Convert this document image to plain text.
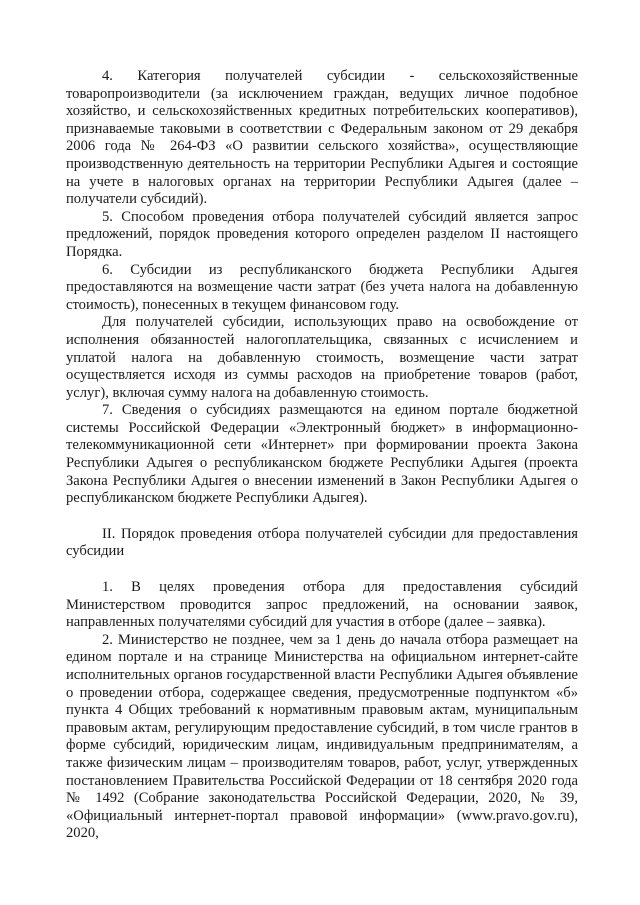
4. Категория получателей субсидии - сельскохозяйственные товаропроизводители (за исключением граждан, ведущих личное подобное хозяйство, и сельскохозяйственных кредитных потребительских кооперативов), признаваемые таковыми в соответствии с Федеральным законом от 29 декабря 2006 года № 264-ФЗ «О развитии сельского хозяйства», осуществляющие производственную деятельность на территории Республики Адыгея и состоящие на учете в налоговых органах на территории Республики Адыгея (далее – получатели субсидий).

5. Способом проведения отбора получателей субсидий является запрос предложений, порядок проведения которого определен разделом II настоящего Порядка.

6. Субсидии из республиканского бюджета Республики Адыгея предоставляются на возмещение части затрат (без учета налога на добавленную стоимость), понесенных в текущем финансовом году.

Для получателей субсидии, использующих право на освобождение от исполнения обязанностей налогоплательщика, связанных с исчислением и уплатой налога на добавленную стоимость, возмещение части затрат осуществляется исходя из суммы расходов на приобретение товаров (работ, услуг), включая сумму налога на добавленную стоимость.

7. Сведения о субсидиях размещаются на едином портале бюджетной системы Российской Федерации «Электронный бюджет» в информационно-телекоммуникационной сети «Интернет» при формировании проекта Закона Республики Адыгея о республиканском бюджете Республики Адыгея (проекта Закона Республики Адыгея о внесении изменений в Закон Республики Адыгея о республиканском бюджете Республики Адыгея).

II. Порядок проведения отбора получателей субсидии для предоставления субсидии

1. В целях проведения отбора для предоставления субсидий Министерством проводится запрос предложений, на основании заявок, направленных получателями субсидий для участия в отборе (далее – заявка).

2. Министерство не позднее, чем за 1 день до начала отбора размещает на едином портале и на странице Министерства на официальном интернет-сайте исполнительных органов государственной власти Республики Адыгея объявление о проведении отбора, содержащее сведения, предусмотренные подпунктом «б» пункта 4 Общих требований к нормативным правовым актам, муниципальным правовым актам, регулирующим предоставление субсидий, в том числе грантов в форме субсидий, юридическим лицам, индивидуальным предпринимателям, а также физическим лицам – производителям товаров, работ, услуг, утвержденных постановлением Правительства Российской Федерации от 18 сентября 2020 года № 1492 (Собрание законодательства Российской Федерации, 2020, № 39, «Официальный интернет-портал правовой информации» (www.pravo.gov.ru), 2020,
